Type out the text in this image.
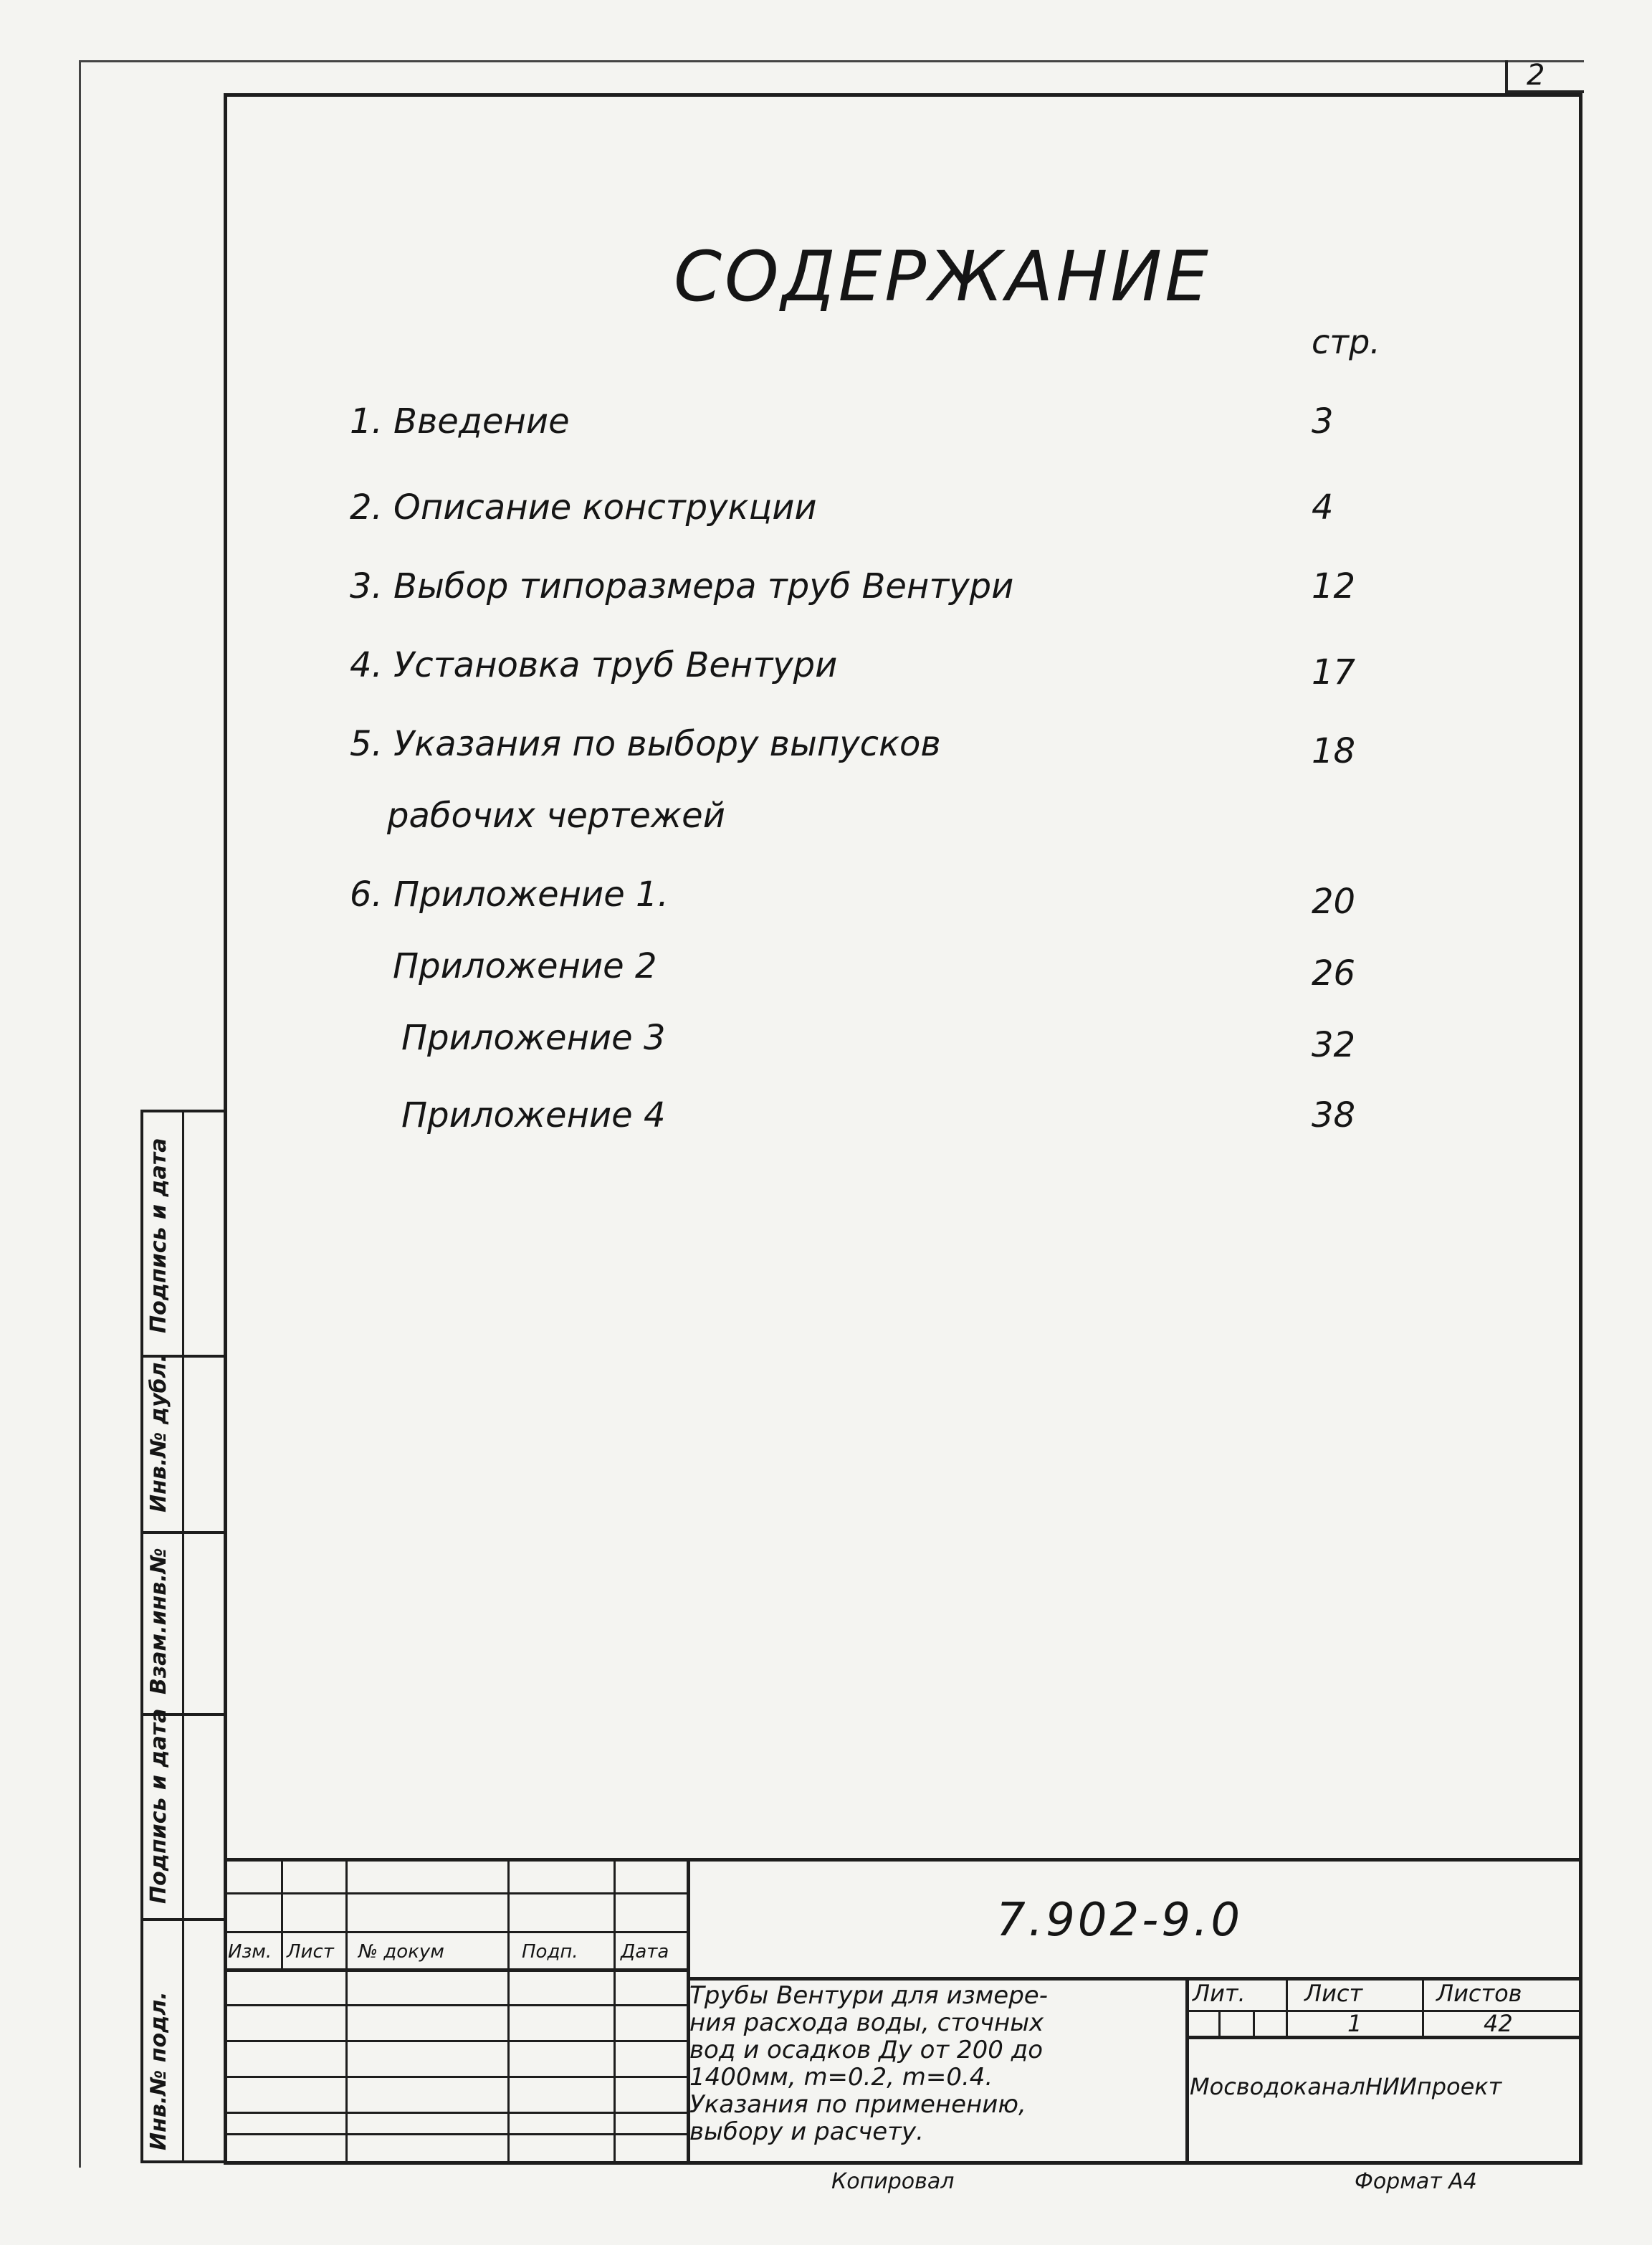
2
СОДЕРЖАНИЕ
стр.
1. Введение	3
2. Описание конструкции	4
3. Выбор типоразмера труб Вентури	12
4. Установка труб Вентури	17
5. Указания по выбору выпусков	18
рабочих чертежей
6. Приложение 1.	20
Приложение 2	26
Приложение 3	32
Приложение 4	38
Подпись и дата
Инв.№ дубл.
Взам.инв.№
Подпись и дата
Инв.№ подл.
Изм. Лист № докум	Подп. Дата
7.902-9.0
Трубы Вентури для измере-
ния расхода воды, сточных
вод и осадков Ду от 200 до
1400мм, m=0.2, m=0.4.
Указания по применению,
выбору и расчету.
Лит.	Лист	Листов
1	42
МосводоканалНИИпроект
Копировал	Формат А4
